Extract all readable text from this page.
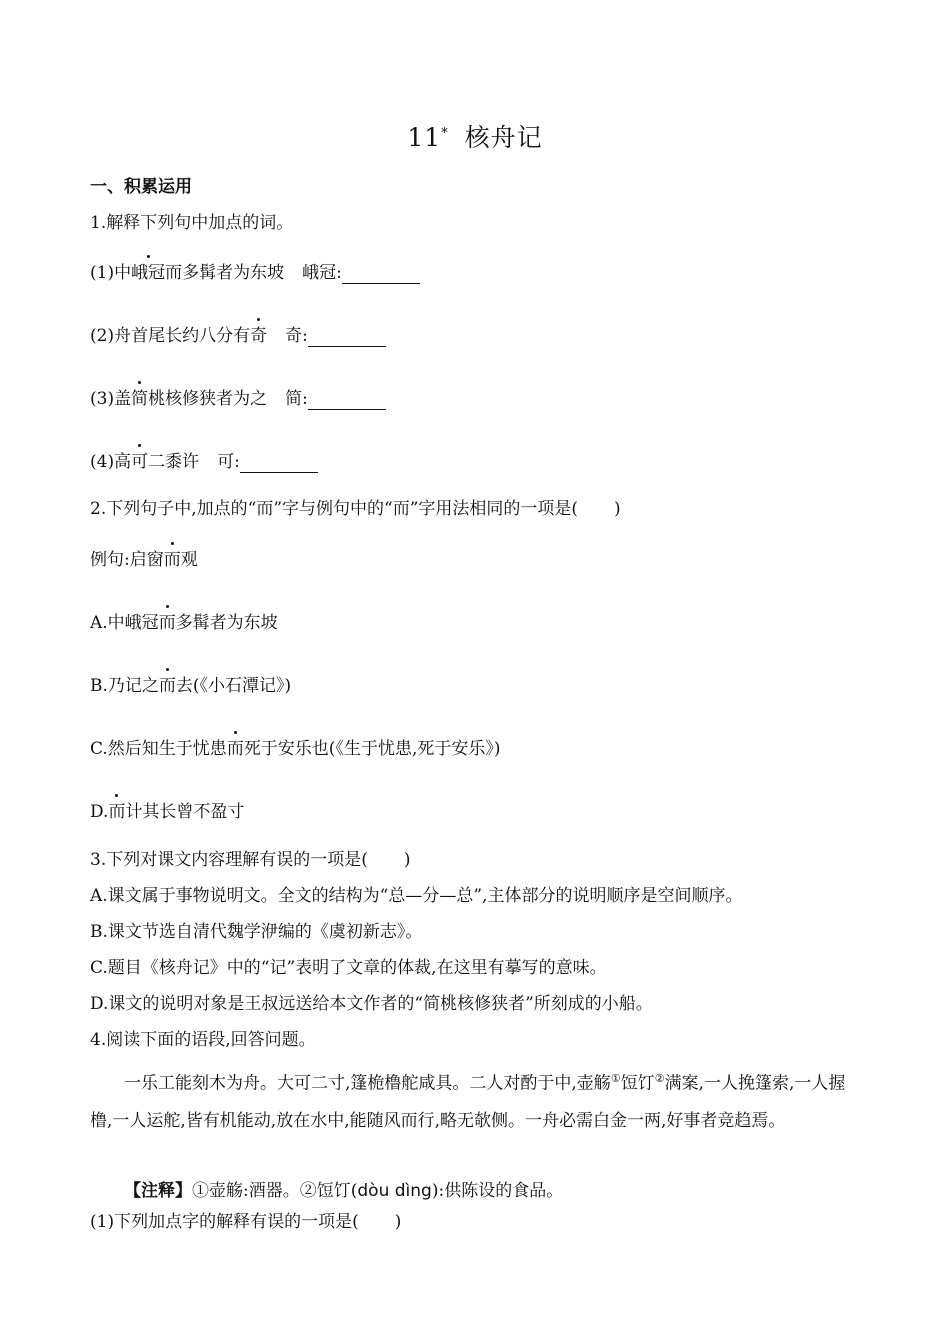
11* 核舟记
一、积累运用
1.解释下列句中加点的词。
(1)中峨冠而多髯者为东坡 峨冠:
(2)舟首尾长约八分有奇 奇:
(3)盖简桃核修狭者为之 简:
(4)高可二黍许 可:
2.下列句子中,加点的“而”字与例句中的“而”字用法相同的一项是( )
例句:启窗而观
A.中峨冠而多髯者为东坡
B.乃记之而去(《小石潭记》)
C.然后知生于忧患而死于安乐也(《生于忧患,死于安乐》)
D.而计其长曾不盈寸
3.下列对课文内容理解有误的一项是( )
A.课文属于事物说明文。全文的结构为“总—分—总”,主体部分的说明顺序是空间顺序。
B.课文节选自清代魏学洢编的《虞初新志》。
C.题目《核舟记》中的“记”表明了文章的体裁,在这里有摹写的意味。
D.课文的说明对象是王叔远送给本文作者的“简桃核修狭者”所刻成的小船。
4.阅读下面的语段,回答问题。
一乐工能刻木为舟。大可二寸,篷桅橹舵咸具。二人对酌于中,壶觞①饾饤②满案,一人挽篷索,一人握橹,一人运舵,皆有机能动,放在水中,能随风而行,略无欹侧。一舟必需白金一两,好事者竞趋焉。
【注释】①壶觞:酒器。②饾饤(dòu dìng):供陈设的食品。
(1)下列加点字的解释有误的一项是( )
